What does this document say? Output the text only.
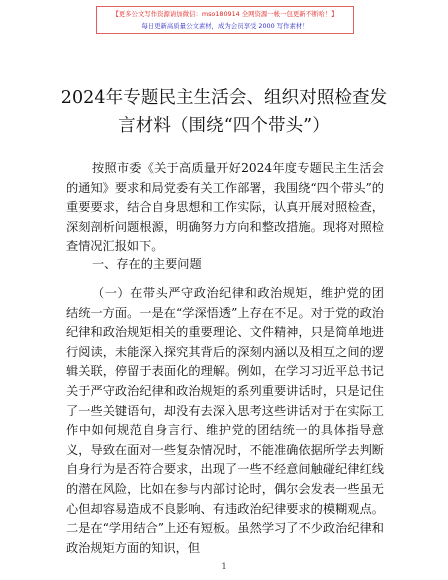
【更多公文写作资源请加微信：mso180914 全网资源一帐一包更新不断哈！】
每日更新高质量公文素材，成为会员享受 2000 写作素材！
2024年专题民主生活会、组织对照检查发言材料（围绕“四个带头”）
按照市委《关于高质量开好2024年度专题民主生活会的通知》要求和局党委有关工作部署，我围绕“四个带头”的重要要求，结合自身思想和工作实际，认真开展对照检查，深刻剖析问题根源，明确努力方向和整改措施。现将对照检查情况汇报如下。
一、存在的主要问题
（一）在带头严守政治纪律和政治规矩，维护党的团结统一方面。一是在“学深悟透”上存在不足。对于党的政治纪律和政治规矩相关的重要理论、文件精神，只是简单地进行阅读，未能深入探究其背后的深刻内涵以及相互之间的逻辑关联，停留于表面化的理解。例如，在学习习近平总书记关于严守政治纪律和政治规矩的系列重要讲话时，只是记住了一些关键语句，却没有去深入思考这些讲话对于在实际工作中如何规范自身言行、维护党的团结统一的具体指导意义，导致在面对一些复杂情况时，不能准确依据所学去判断自身行为是否符合要求，出现了一些不经意间触碰纪律红线的潜在风险，比如在参与内部讨论时，偶尔会发表一些虽无心但却容易造成不良影响、有违政治纪律要求的模糊观点。二是在“学用结合”上还有短板。虽然学习了不少政治纪律和政治规矩方面的知识，但
1
